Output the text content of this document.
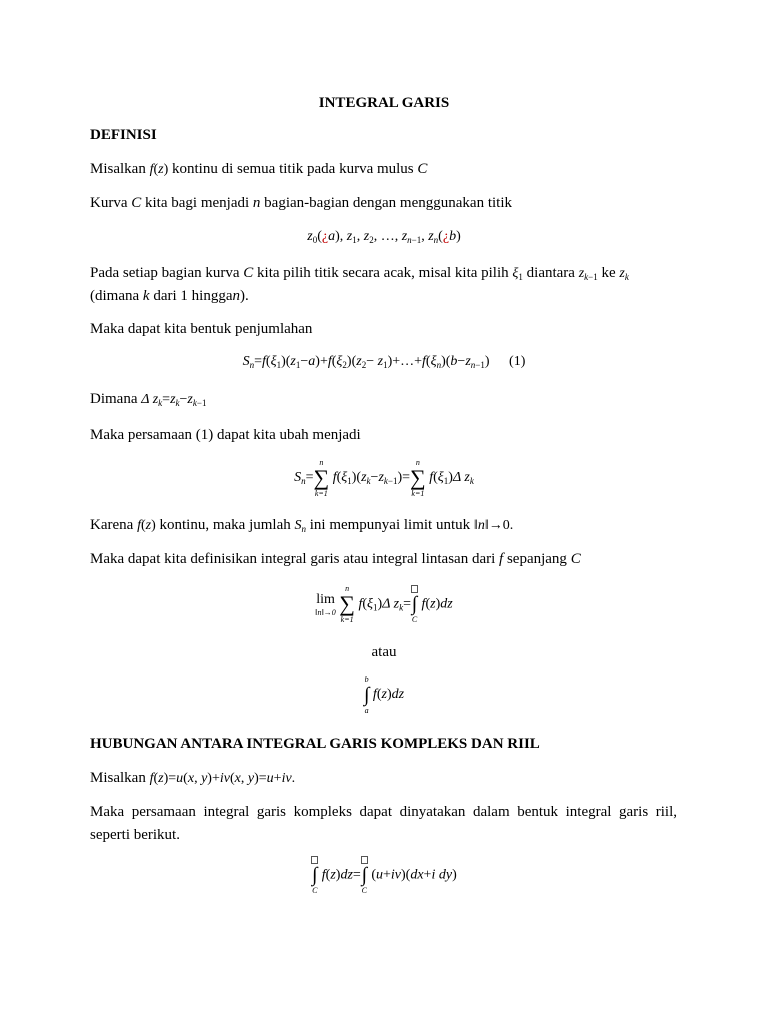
INTEGRAL GARIS
DEFINISI
Misalkan f(z) kontinu di semua titik pada kurva mulus C
Kurva C kita bagi menjadi n bagian-bagian dengan menggunakan titik
$z_0(¿a)$, $z_1$, $z_2$, …, $z_{n-1}$, $z_n(¿b)$
Pada setiap bagian kurva C kita pilih titik secara acak, misal kita pilih $\xi_1$ diantara $z_{k-1}$ ke $z_k$
(dimana k dari 1 hinggan).
Maka dapat kita bentuk penjumlahan
$S_n=f(\xi_1)(z_1-a)+f(\xi_2)(z_2-$ $z_1)+\dots+f(\xi_n)(b-z_{n-1})$ (1)
Dimana Δ $z_k=z_k-z_{k-1}$
Maka persamaan (1) dapat kita ubah menjadi
$S_n=$
n
∑
k=1
$f(\xi_1)(z_k-z_{k-1})=$
n
∑
k=1
$f(\xi_1)\Delta$ $z_k$
Karena f(z) kontinu, maka jumlah $S_n$ ini mempunyai limit untuk ‖n‖→0.
Maka dapat kita definisikan integral garis atau integral lintasan dari f sepanjang C
lim
‖n‖→0

n
∑
k=1
$f(\xi_1)\Delta$ $z_k=$ ∫
C
f(z)dz
atau
b
∫
a
f(z)dz
HUBUNGAN ANTARA INTEGRAL GARIS KOMPLEKS DAN RIIL
Misalkan f(z)=u(x, y)+iv(x, y)=u+iv.
Maka persamaan integral garis kompleks dapat dinyatakan dalam bentuk integral garis riil, seperti berikut.
∫
C
f(z)dz= ∫
C
(u+iv)(dx+i dy)
